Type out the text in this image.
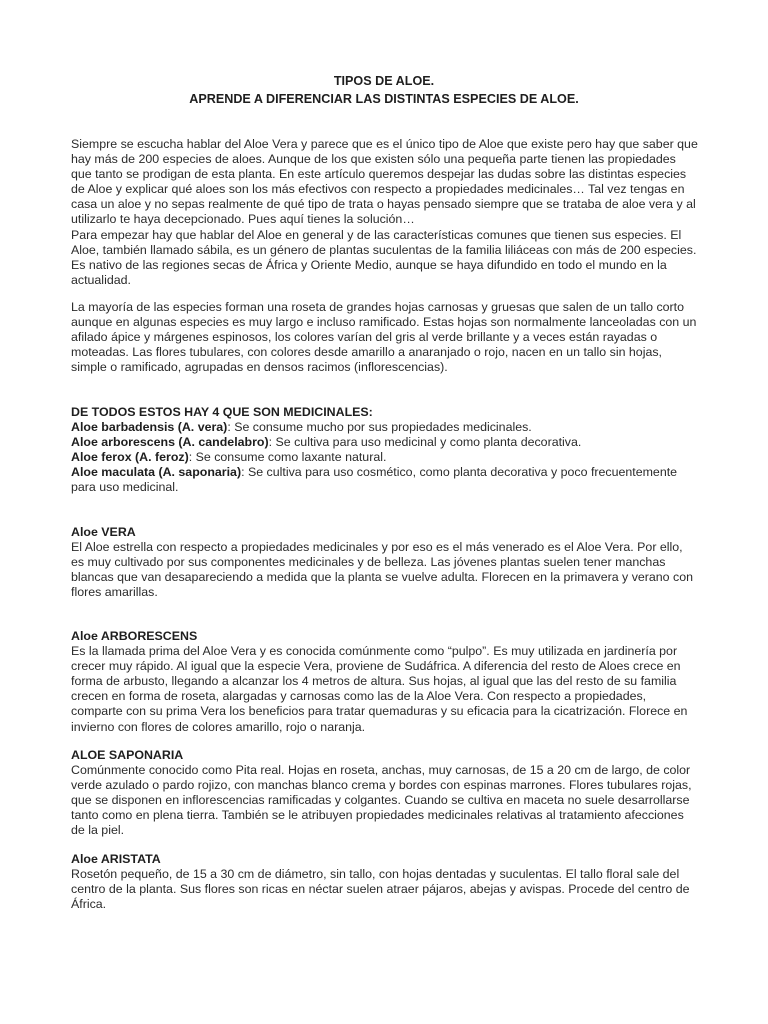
TIPOS DE ALOE.
APRENDE A DIFERENCIAR LAS DISTINTAS ESPECIES DE ALOE.

Siempre se escucha hablar del Aloe Vera y parece que es el único tipo de Aloe que existe pero hay que saber que hay más de 200 especies de aloes. Aunque de los que existen sólo una pequeña parte tienen las propiedades que tanto se prodigan de esta planta. En este artículo queremos despejar las dudas sobre las distintas especies de Aloe y explicar qué aloes son los más efectivos con respecto a propiedades medicinales… Tal vez tengas en casa un aloe y no sepas realmente de qué tipo de trata o hayas pensado siempre que se trataba de aloe vera y al utilizarlo te haya decepcionado. Pues aquí tienes la solución…

Para empezar hay que hablar del Aloe en general y de las características comunes que tienen sus especies. El Aloe, también llamado sábila, es un género de plantas suculentas de la familia liliáceas con más de 200 especies. Es nativo de las regiones secas de África y Oriente Medio, aunque se haya difundido en todo el mundo en la actualidad.

La mayoría de las especies forman una roseta de grandes hojas carnosas y gruesas que salen de un tallo corto aunque en algunas especies es muy largo e incluso ramificado. Estas hojas son normalmente lanceoladas con un afilado ápice y márgenes espinosos, los colores varían del gris al verde brillante y a veces están rayadas o moteadas. Las flores tubulares, con colores desde amarillo a anaranjado o rojo, nacen en un tallo sin hojas, simple o ramificado, agrupadas en densos racimos (inflorescencias).

DE TODOS ESTOS HAY 4 QUE SON MEDICINALES:

Aloe barbadensis (A. vera): Se consume mucho por sus propiedades medicinales.

Aloe arborescens (A. candelabro): Se cultiva para uso medicinal y como planta decorativa.

Aloe ferox (A. feroz): Se consume como laxante natural.

Aloe maculata (A. saponaria): Se cultiva para uso cosmético, como planta decorativa y poco frecuentemente para uso medicinal.

Aloe VERA

El Aloe estrella con respecto a propiedades medicinales y por eso es el más venerado es el Aloe Vera. Por ello, es muy cultivado por sus componentes medicinales y de belleza. Las jóvenes plantas suelen tener manchas blancas que van desapareciendo a medida que la planta se vuelve adulta. Florecen en la primavera y verano con flores amarillas.

Aloe ARBORESCENS

Es la llamada prima del Aloe Vera y es conocida comúnmente como “pulpo”. Es muy utilizada en jardinería por crecer muy rápido. Al igual que la especie Vera, proviene de Sudáfrica. A diferencia del resto de Aloes crece en forma de arbusto, llegando a alcanzar los 4 metros de altura. Sus hojas, al igual que las del resto de su familia crecen en forma de roseta, alargadas y carnosas como las de la Aloe Vera. Con respecto a propiedades, comparte con su prima Vera los beneficios para tratar quemaduras y su eficacia para la cicatrización. Florece en invierno con flores de colores amarillo, rojo o naranja.

ALOE SAPONARIA

Comúnmente conocido como Pita real. Hojas en roseta, anchas, muy carnosas, de 15 a 20 cm de largo, de color verde azulado o pardo rojizo, con manchas blanco crema y bordes con espinas marrones. Flores tubulares rojas, que se disponen en inflorescencias ramificadas y colgantes. Cuando se cultiva en maceta no suele desarrollarse tanto como en plena tierra. También se le atribuyen propiedades medicinales relativas al tratamiento afecciones de la piel.

Aloe ARISTATA

Rosetón pequeño, de 15 a 30 cm de diámetro, sin tallo, con hojas dentadas y suculentas. El tallo floral sale del centro de la planta. Sus flores son ricas en néctar suelen atraer pájaros, abejas y avispas. Procede del centro de África.
